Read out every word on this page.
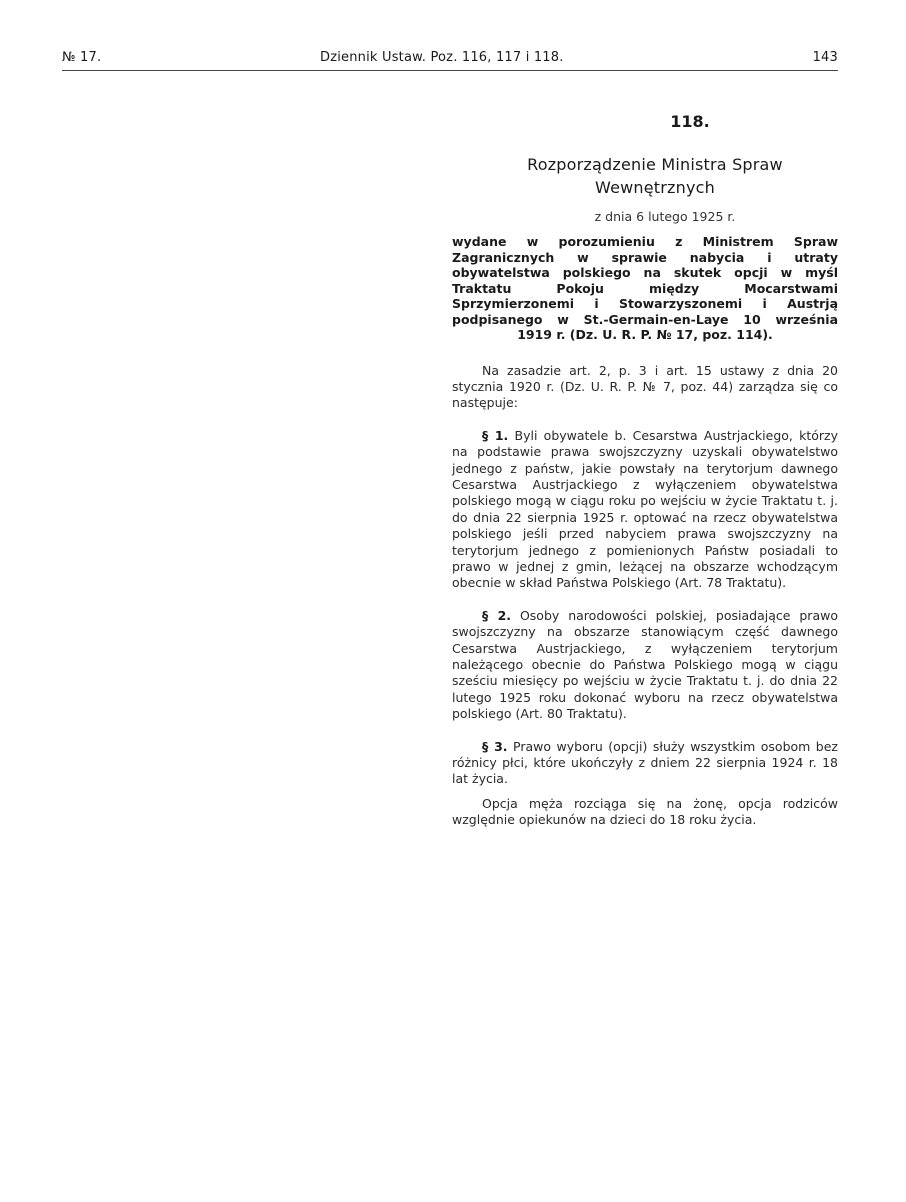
№ 17.	Dziennik Ustaw. Poz. 116, 117 i 118.	143
118.
Rozporządzenie Ministra Spraw
Wewnętrznych
z dnia 6 lutego 1925 r.

wydane w porozumieniu z Ministrem Spraw Zagranicznych w sprawie nabycia i utraty obywatelstwa polskiego na skutek opcji w myśl Traktatu Pokoju między Mocarstwami Sprzymierzonemi i Stowarzyszonemi i Austrją podpisanego w St.-Germain-en-Laye 10 września

1919 r. (Dz. U. R. P. № 17, poz. 114).

Na zasadzie art. 2, p. 3 i art. 15 ustawy z dnia 20 stycznia 1920 r. (Dz. U. R. P. № 7, poz. 44) zarządza się co następuje:

§ 1. Byli obywatele b. Cesarstwa Austrjackiego, którzy na podstawie prawa swojszczyzny uzyskali obywatelstwo jednego z państw, jakie powstały na terytorjum dawnego Cesarstwa Austrjackiego z wyłączeniem obywatelstwa polskiego mogą w ciągu roku po wejściu w życie Traktatu t. j. do dnia 22 sierpnia 1925 r. optować na rzecz obywatelstwa polskiego jeśli przed nabyciem prawa swojszczyzny na terytorjum jednego z pomienionych Państw posiadali to prawo w jednej z gmin, leżącej na obszarze wchodzącym obecnie w skład Państwa Polskiego (Art. 78 Traktatu).

§ 2. Osoby narodowości polskiej, posiadające prawo swojszczyzny na obszarze stanowiącym część dawnego Cesarstwa Austrjackiego, z wyłączeniem terytorjum należącego obecnie do Państwa Polskiego mogą w ciągu sześciu miesięcy po wejściu w życie Traktatu t. j. do dnia 22 lutego 1925 roku dokonać wyboru na rzecz obywatelstwa polskiego (Art. 80 Traktatu).

§ 3. Prawo wyboru (opcji) służy wszystkim osobom bez różnicy płci, które ukończyły z dniem 22 sierpnia 1924 r. 18 lat życia.

Opcja męża rozciąga się na żonę, opcja rodziców względnie opiekunów na dzieci do 18 roku życia.
